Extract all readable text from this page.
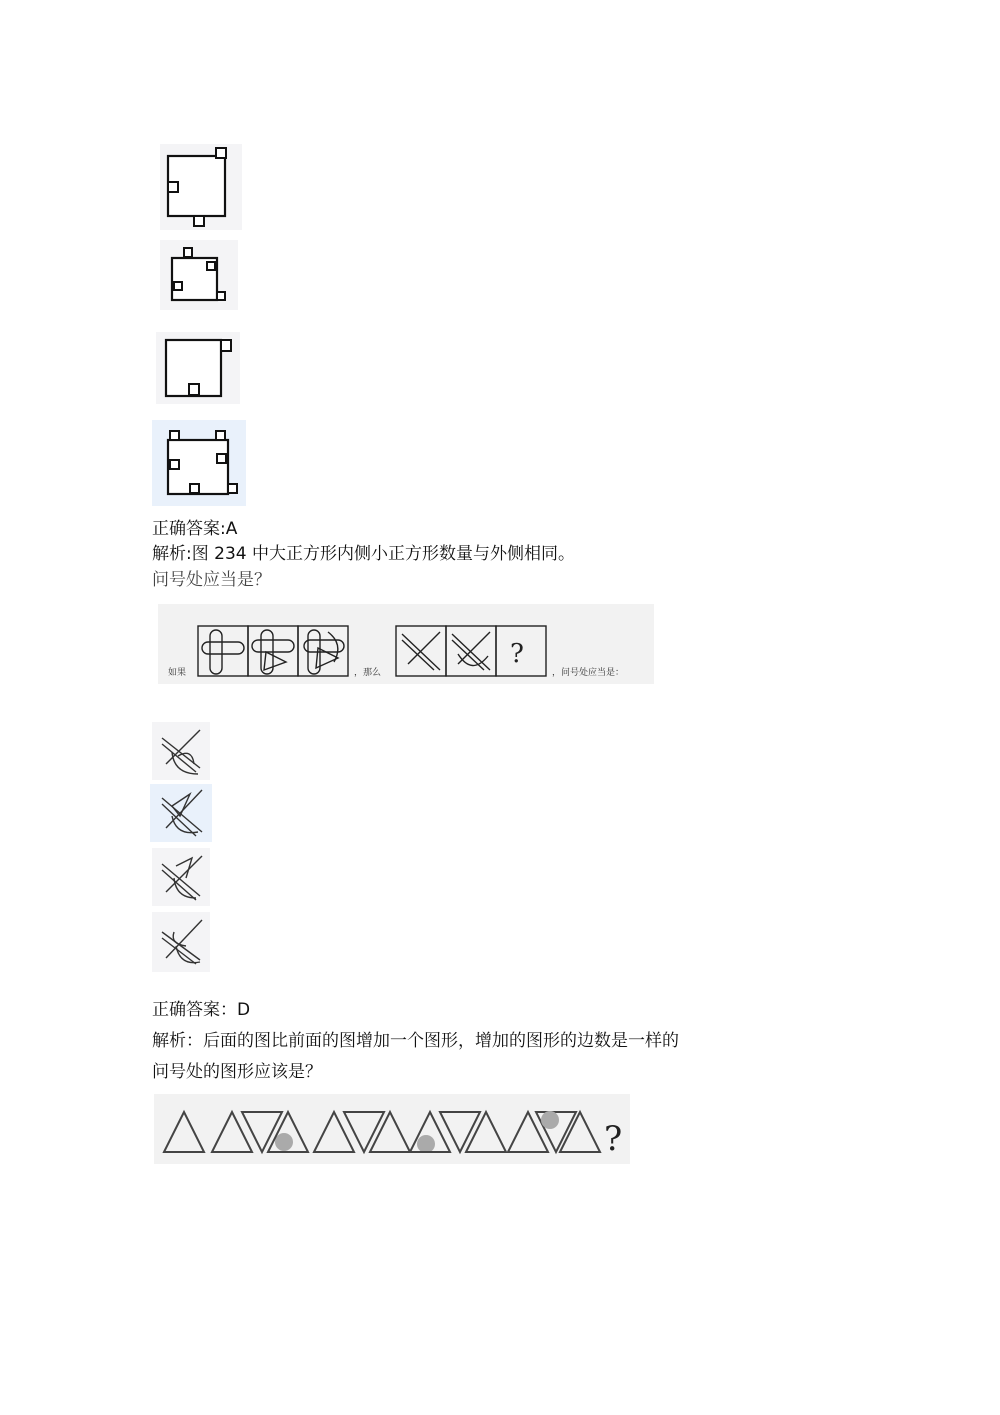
正确答案:A
解析:图 234 中大正方形内侧小正方形数量与外侧相同。
问号处应当是？
?
如果	，那么	，问号处应当是：
正确答案：D
解析：后面的图比前面的图增加一个图形，增加的图形的边数是一样的
问号处的图形应该是？
?
